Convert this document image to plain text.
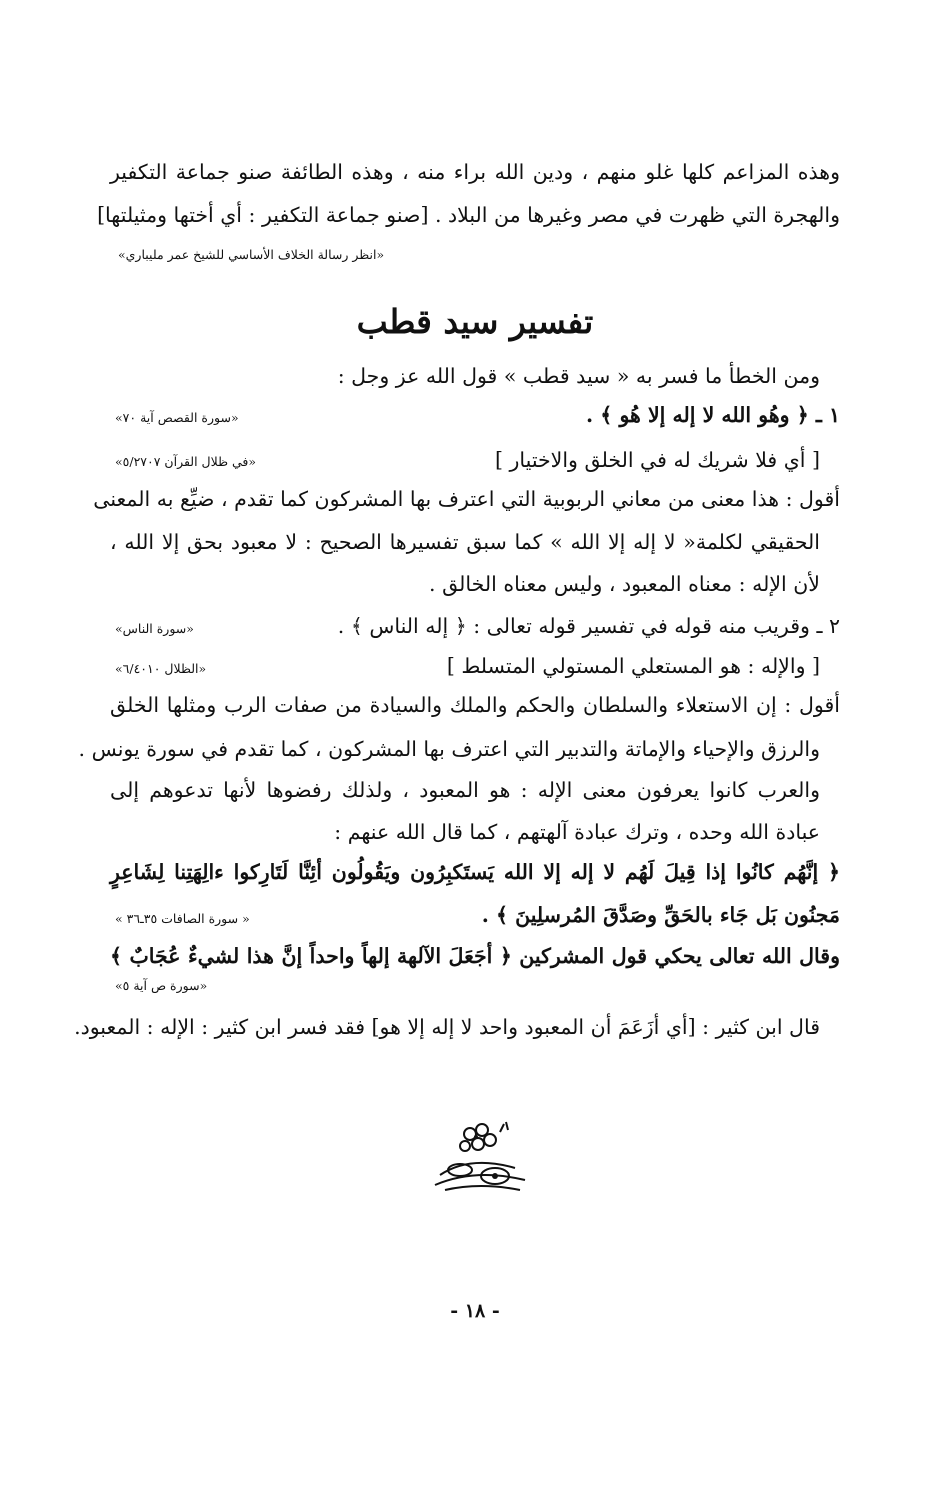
وهذه المزاعم كلها غلو منهم ، ودين الله براء منه ، وهذه الطائفة صنو جماعة التكفير
والهجرة التي ظهرت في مصر وغيرها من البلاد . [صنو جماعة التكفير : أي أختها ومثيلتها]
«انظر رسالة الخلاف الأساسي للشيخ عمر مليباري»
تفسير سيد قطب
ومن الخطأ ما فسر به « سيد قطب » قول الله عز وجل :
١ ـ ﴿ وهُو الله لا إله إلا هُو ﴾ .
«سورة القصص آية ٧٠»
[ أي فلا شريك له في الخلق والاختيار ]
«في ظلال القرآن ٥/٢٧٠٧»
أقول : هذا معنى من معاني الربوبية التي اعترف بها المشركون كما تقدم ، ضيِّع به المعنى
الحقيقي لكلمة« لا إله إلا الله » كما سبق تفسيرها الصحيح : لا معبود بحق إلا الله ،
لأن الإله : معناه المعبود ، وليس معناه الخالق .
٢ ـ وقريب منه قوله في تفسير قوله تعالى : ﴿ إله الناس ﴾ .
«سورة الناس»
[ والإله : هو المستعلي المستولي المتسلط ]
«الظلال ٦/٤٠١٠»
أقول : إن الاستعلاء والسلطان والحكم والملك والسيادة من صفات الرب ومثلها الخلق
والرزق والإحياء والإماتة والتدبير التي اعترف بها المشركون ، كما تقدم في سورة يونس .
والعرب كانوا يعرفون معنى الإله : هو المعبود ، ولذلك رفضوها لأنها تدعوهم إلى
عبادة الله وحده ، وترك عبادة آلهتهم ، كما قال الله عنهم :
﴿ إنَّهُم كانُوا إذا قِيلَ لَهُم لا إله إلا الله يَستَكبِرُون ويَقُولُون أئِنَّا لَتَارِكوا ءالِهَتِنا لِشَاعِرٍ
مَجنُون بَل جَاء بالحَقِّ وصَدَّقَ المُرسلِينَ ﴾ .
« سورة الصافات ٣٥ـ٣٦ »
وقال الله تعالى يحكي قول المشركين ﴿ أجَعَلَ الآلهة إلهاً واحداً إنَّ هذا لشيءٌ عُجَابٌ ﴾
«سورة ص آية ٥»
قال ابن كثير : [أي أزَعَمَ أن المعبود واحد لا إله إلا هو] فقد فسر ابن كثير : الإله : المعبود.
- ١٨ -
